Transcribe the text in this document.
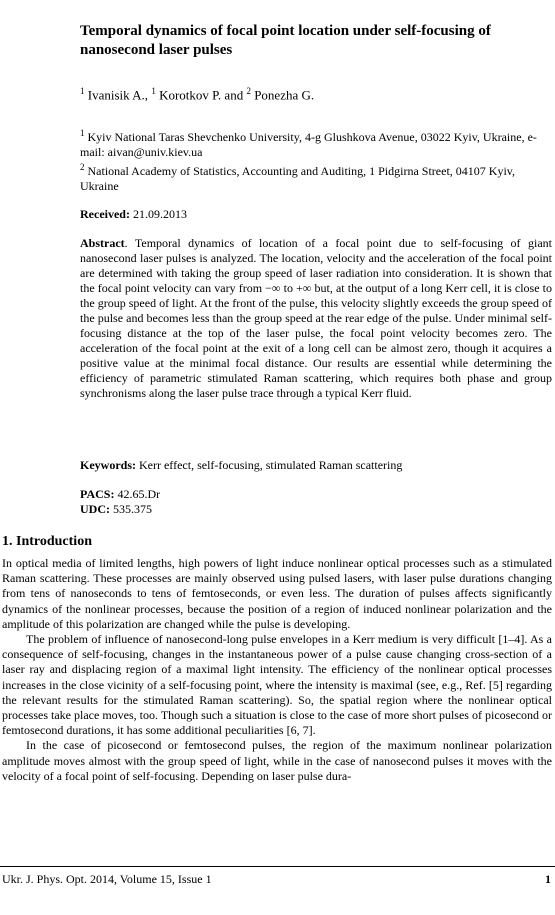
Temporal dynamics of focal point location under self-focusing of nanosecond laser pulses
$^1$ Ivanisik A., $^1$ Korotkov P. and $^2$ Ponezha G.
$^1$ Kyiv National Taras Shevchenko University, 4-g Glushkova Avenue, 03022 Kyiv, Ukraine, e-mail: aivan@univ.kiev.ua
$^2$ National Academy of Statistics, Accounting and Auditing, 1 Pidgirna Street, 04107 Kyiv, Ukraine
Received: 21.09.2013
Abstract. Temporal dynamics of location of a focal point due to self-focusing of giant nanosecond laser pulses is analyzed. The location, velocity and the acceleration of the focal point are determined with taking the group speed of laser radiation into consideration. It is shown that the focal point velocity can vary from −∞ to +∞ but, at the output of a long Kerr cell, it is close to the group speed of light. At the front of the pulse, this velocity slightly exceeds the group speed of the pulse and becomes less than the group speed at the rear edge of the pulse. Under minimal self-focusing distance at the top of the laser pulse, the focal point velocity becomes zero. The acceleration of the focal point at the exit of a long cell can be almost zero, though it acquires a positive value at the minimal focal distance. Our results are essential while determining the efficiency of parametric stimulated Raman scattering, which requires both phase and group synchronisms along the laser pulse trace through a typical Kerr fluid.
Keywords: Kerr effect, self-focusing, stimulated Raman scattering
PACS: 42.65.Dr
UDC: 535.375
1. Introduction

In optical media of limited lengths, high powers of light induce nonlinear optical processes such as a stimulated Raman scattering. These processes are mainly observed using pulsed lasers, with laser pulse durations changing from tens of nanoseconds to tens of femtoseconds, or even less. The duration of pulses affects significantly dynamics of the nonlinear processes, because the position of a region of induced nonlinear polarization and the amplitude of this polarization are changed while the pulse is developing.

The problem of influence of nanosecond-long pulse envelopes in a Kerr medium is very difficult [1–4]. As a consequence of self-focusing, changes in the instantaneous power of a pulse cause changing cross-section of a laser ray and displacing region of a maximal light intensity. The efficiency of the nonlinear optical processes increases in the close vicinity of a self-focusing point, where the intensity is maximal (see, e.g., Ref. [5] regarding the relevant results for the stimulated Raman scattering). So, the spatial region where the nonlinear optical processes take place moves, too. Though such a situation is close to the case of more short pulses of picosecond or femtosecond durations, it has some additional peculiarities [6, 7].

In the case of picosecond or femtosecond pulses, the region of the maximum nonlinear polarization amplitude moves almost with the group speed of light, while in the case of nanosecond pulses it moves with the velocity of a focal point of self-focusing. Depending on laser pulse dura-

Ukr. J. Phys. Opt. 2014, Volume 15, Issue 1	1
